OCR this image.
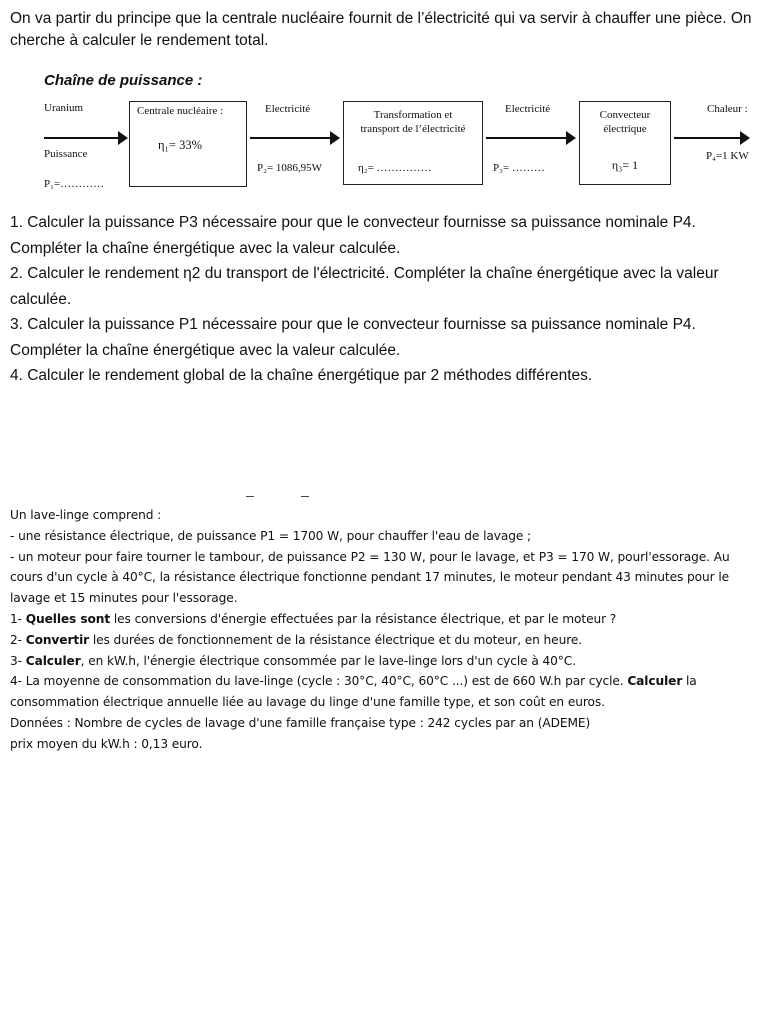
On va partir du principe que la centrale nucléaire fournit de l’électricité qui va servir à chauffer une pièce. On cherche à calculer le rendement total.

Chaîne de puissance :

Uranium
Puissance
P₁=…………
Centrale nucléaire :
η₁= 33%
Electricité
P₂= 1086,95W
Transformation et
transport de l’électricité
η₂= ……………
Electricité
P₃= ………
Convecteur
électrique
η₃= 1
Chaleur :
P₄=1 KW
1. Calculer la puissance P3 nécessaire pour que le convecteur fournisse sa puissance nominale P4. Compléter la chaîne énergétique avec la valeur calculée.
2. Calculer le rendement η2 du transport de l'électricité. Compléter la chaîne énergétique avec la valeur calculée.
3. Calculer la puissance P1 nécessaire pour que le convecteur fournisse sa puissance nominale P4. Compléter la chaîne énergétique avec la valeur calculée.
4. Calculer le rendement global de la chaîne énergétique par 2 méthodes différentes.

Un lave-linge comprend :

- une résistance électrique, de puissance P1 = 1700 W, pour chauffer l'eau de lavage ;

- un moteur pour faire tourner le tambour, de puissance P2 = 130 W, pour le lavage, et P3 = 170 W, pourl'essorage. Au cours d'un cycle à 40°C, la résistance électrique fonctionne pendant 17 minutes, le moteur pendant 43 minutes pour le lavage et 15 minutes pour l'essorage.

1- Quelles sont les conversions d'énergie effectuées par la résistance électrique, et par le moteur ?

2- Convertir les durées de fonctionnement de la résistance électrique et du moteur, en heure.

3- Calculer, en kW.h, l'énergie électrique consommée par le lave-linge lors d'un cycle à 40°C.

4- La moyenne de consommation du lave-linge (cycle : 30°C, 40°C, 60°C ...) est de 660 W.h par cycle. Calculer la consommation électrique annuelle liée au lavage du linge d'une famille type, et son coût en euros.

Données : Nombre de cycles de lavage d'une famille française type : 242 cycles par an (ADEME)

prix moyen du kW.h : 0,13 euro.
